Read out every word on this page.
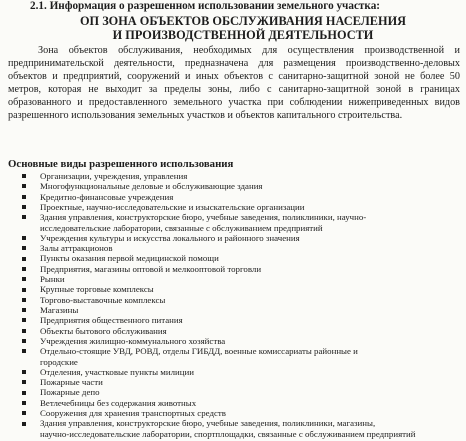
2.1. Информация о разрешенном использовании земельного участка:
ОП ЗОНА ОБЪЕКТОВ ОБСЛУЖИВАНИЯ НАСЕЛЕНИЯ
И ПРОИЗВОДСТВЕННОЙ ДЕЯТЕЛЬНОСТИ
Зона объектов обслуживания, необходимых для осуществления производственной и
предпринимательской деятельности, предназначена для размещения производственно-деловых
объектов и предприятий, сооружений и иных объектов с санитарно-защитной зоной не более 50
метров, которая не выходит за пределы зоны, либо с санитарно-защитной зоной в границах
образованного и предоставленного земельного участка при соблюдении нижеприведенных видов
разрешенного использования земельных участков и объектов капитального строительства.
Основные виды разрешенного использования
Организации, учреждения, управления
Многофункциональные деловые и обслуживающие здания
Кредитно-финансовые учреждения
Проектные, научно-исследовательские и изыскательские организации
Здания управления, конструкторские бюро, учебные заведения, поликлиники, научно-
исследовательские лаборатории, связанные с обслуживанием предприятий
Учреждения культуры и искусства локального и районного значения
Залы аттракционов
Пункты оказания первой медицинской помощи
Предприятия, магазины оптовой и мелкооптовой торговли
Рынки
Крупные торговые комплексы
Торгово-выставочные комплексы
Магазины
Предприятия общественного питания
Объекты бытового обслуживания
Учреждения жилищно-коммунального хозяйства
Отдельно-стоящие УВД, РОВД, отделы ГИБДД, военные комиссариаты районные и
городские
Отделения, участковые пункты милиции
Пожарные части
Пожарные депо
Ветлечебницы без содержания животных
Сооружения для хранения транспортных средств
Здания управления, конструкторские бюро, учебные заведения, поликлиники, магазины,
научно-исследовательские лаборатории, спортплощадки, связанные с обслуживанием предприятий
